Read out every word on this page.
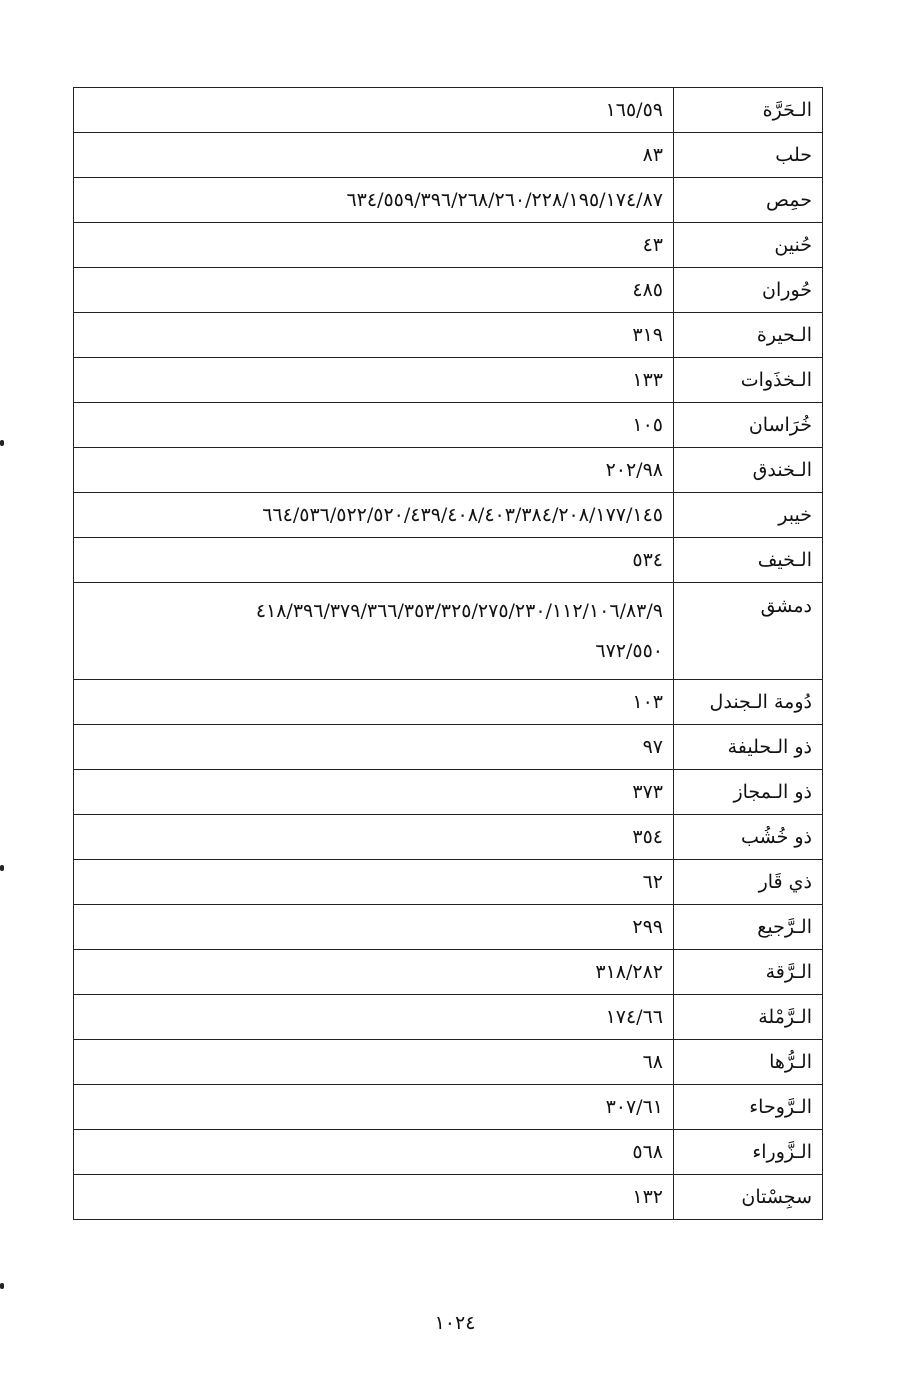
الـحَرَّة	١٦٥/٥٩

حلب	٨٣

حمِص	٦٣٤/٥٥٩/٣٩٦/٢٦٨/٢٦٠/٢٢٨/١٩٥/١٧٤/٨٧

حُنين	٤٣

حُوران	٤٨٥

الـحيرة	٣١٩

الـخذَوات	١٣٣

خُرَاسان	١٠٥

الـخندق	٢٠٢/٩٨

خيبر	٦٦٤/٥٣٦/٥٢٢/٥٢٠/٤٣٩/٤٠٨/٤٠٣/٣٨٤/٢٠٨/١٧٧/١٤٥

الـخيف	٥٣٤

دمشق	٤١٨/٣٩٦/٣٧٩/٣٦٦/٣٥٣/٣٢٥/٢٧٥/٢٣٠/١١٢/١٠٦/٨٣/٩
٦٧٢/٥٥٠

دُومة الـجندل	١٠٣

ذو الـحليفة	٩٧

ذو الـمجاز	٣٧٣

ذو خُشُب	٣٥٤

ذي قَار	٦٢

الـرَّجيع	٢٩٩

الـرَّقة	٣١٨/٢٨٢

الـرَّمْلة	١٧٤/٦٦

الـرُّها	٦٨

الـرَّوحاء	٣٠٧/٦١

الـزَّوراء	٥٦٨

سجِسْتان	١٣٢
١٠٢٤
